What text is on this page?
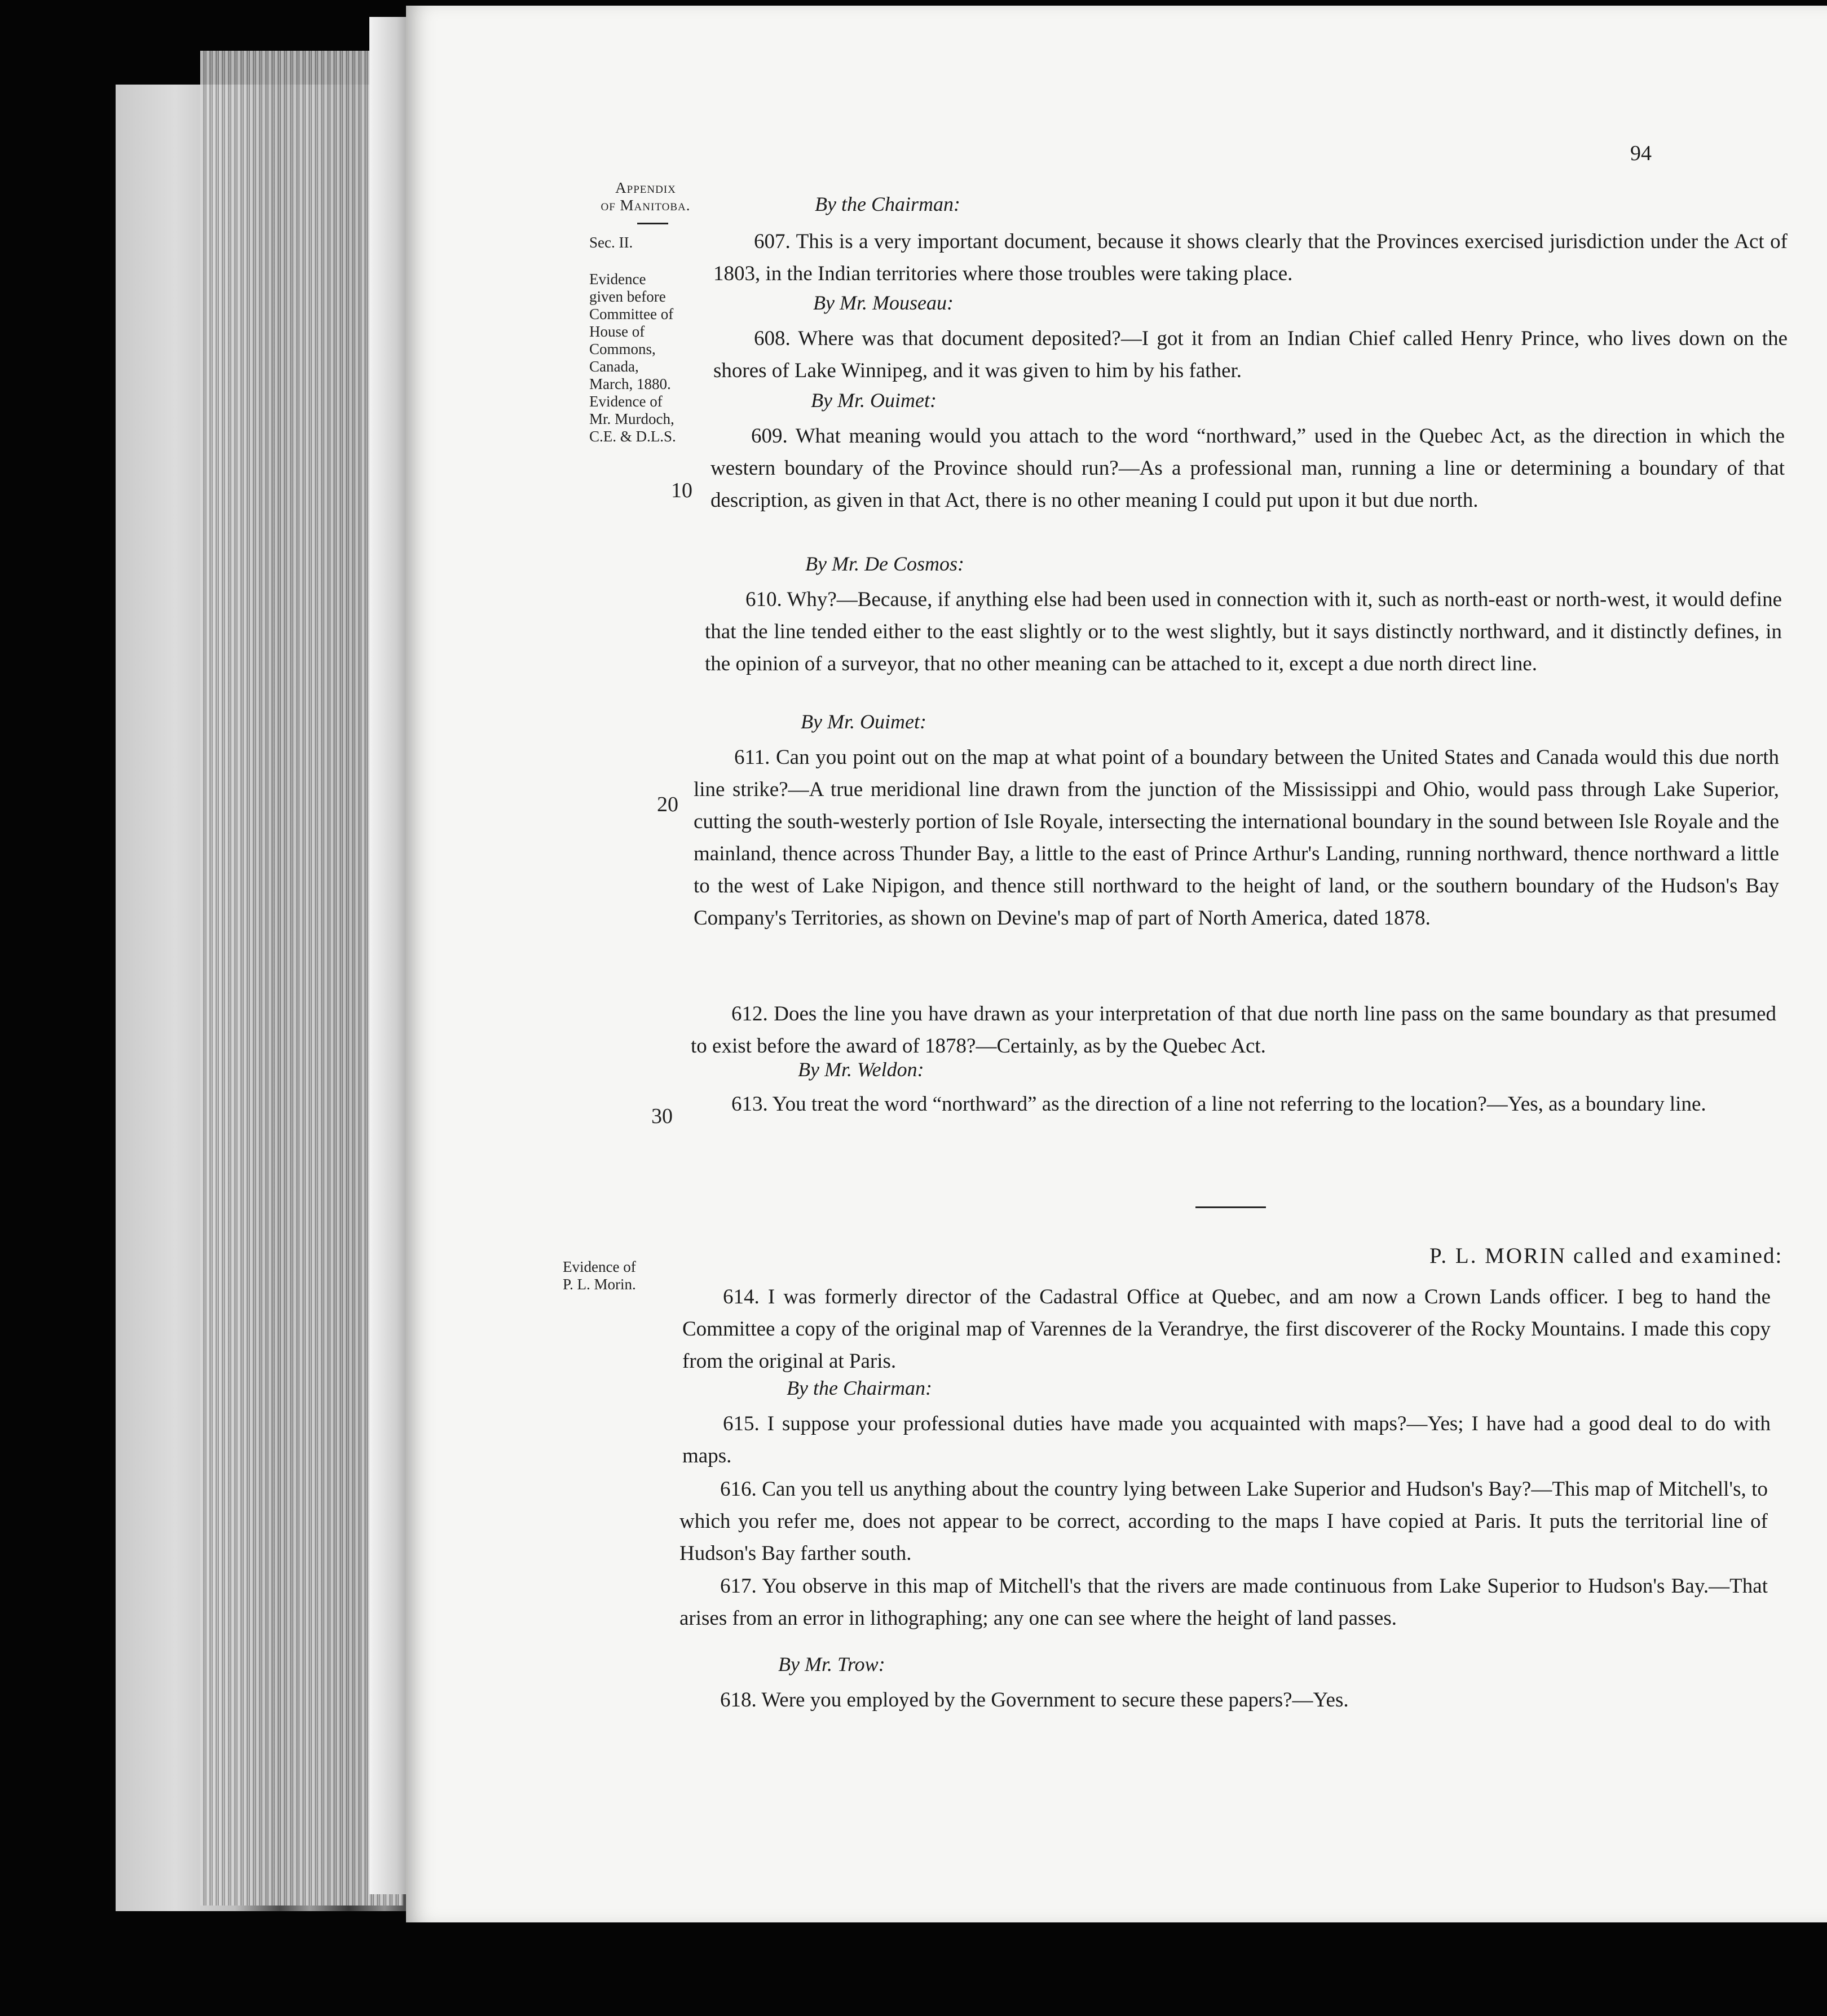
94
Appendix
of Manitoba.
Sec. II.
Evidence
given before
Committee of
House of
Commons,
Canada,
March, 1880.
Evidence of
Mr. Murdoch,
C.E. & D.L.S.
Evidence of
P. L. Morin.
10
20
30
By the Chairman:
607. This is a very important document, because it shows clearly that the Provinces exercised jurisdiction under the Act of 1803, in the Indian territories where those troubles were taking place.
By Mr. Mouseau:
608. Where was that document deposited?—I got it from an Indian Chief called Henry Prince, who lives down on the shores of Lake Winnipeg, and it was given to him by his father.
By Mr. Ouimet:
609. What meaning would you attach to the word “northward,” used in the Quebec Act, as the direction in which the western boundary of the Province should run?—As a professional man, running a line or determining a boundary of that description, as given in that Act, there is no other meaning I could put upon it but due north.
By Mr. De Cosmos:
610. Why?—Because, if anything else had been used in connection with it, such as north-east or north-west, it would define that the line tended either to the east slightly or to the west slightly, but it says distinctly northward, and it distinctly defines, in the opinion of a surveyor, that no other meaning can be attached to it, except a due north direct line.
By Mr. Ouimet:
611. Can you point out on the map at what point of a boundary between the United States and Canada would this due north line strike?—A true meridional line drawn from the junction of the Mississippi and Ohio, would pass through Lake Superior, cutting the south-westerly portion of Isle Royale, intersecting the international boundary in the sound between Isle Royale and the mainland, thence across Thunder Bay, a little to the east of Prince Arthur's Landing, running northward, thence northward a little to the west of Lake Nipigon, and thence still northward to the height of land, or the southern boundary of the Hudson's Bay Company's Territories, as shown on Devine's map of part of North America, dated 1878.
612. Does the line you have drawn as your interpretation of that due north line pass on the same boundary as that presumed to exist before the award of 1878?—Certainly, as by the Quebec Act.
By Mr. Weldon:
613. You treat the word “northward” as the direction of a line not referring to the location?—Yes, as a boundary line.
P. L. MORIN called and examined:
614. I was formerly director of the Cadastral Office at Quebec, and am now a Crown Lands officer. I beg to hand the Committee a copy of the original map of Varennes de la Verandrye, the first discoverer of the Rocky Mountains. I made this copy from the original at Paris.
By the Chairman:
615. I suppose your professional duties have made you acquainted with maps?—Yes; I have had a good deal to do with maps.
616. Can you tell us anything about the country lying between Lake Superior and Hudson's Bay?—This map of Mitchell's, to which you refer me, does not appear to be correct, according to the maps I have copied at Paris. It puts the territorial line of Hudson's Bay farther south.
617. You observe in this map of Mitchell's that the rivers are made continuous from Lake Superior to Hudson's Bay.—That arises from an error in lithographing; any one can see where the height of land passes.
By Mr. Trow:
618. Were you employed by the Government to secure these papers?—Yes.
